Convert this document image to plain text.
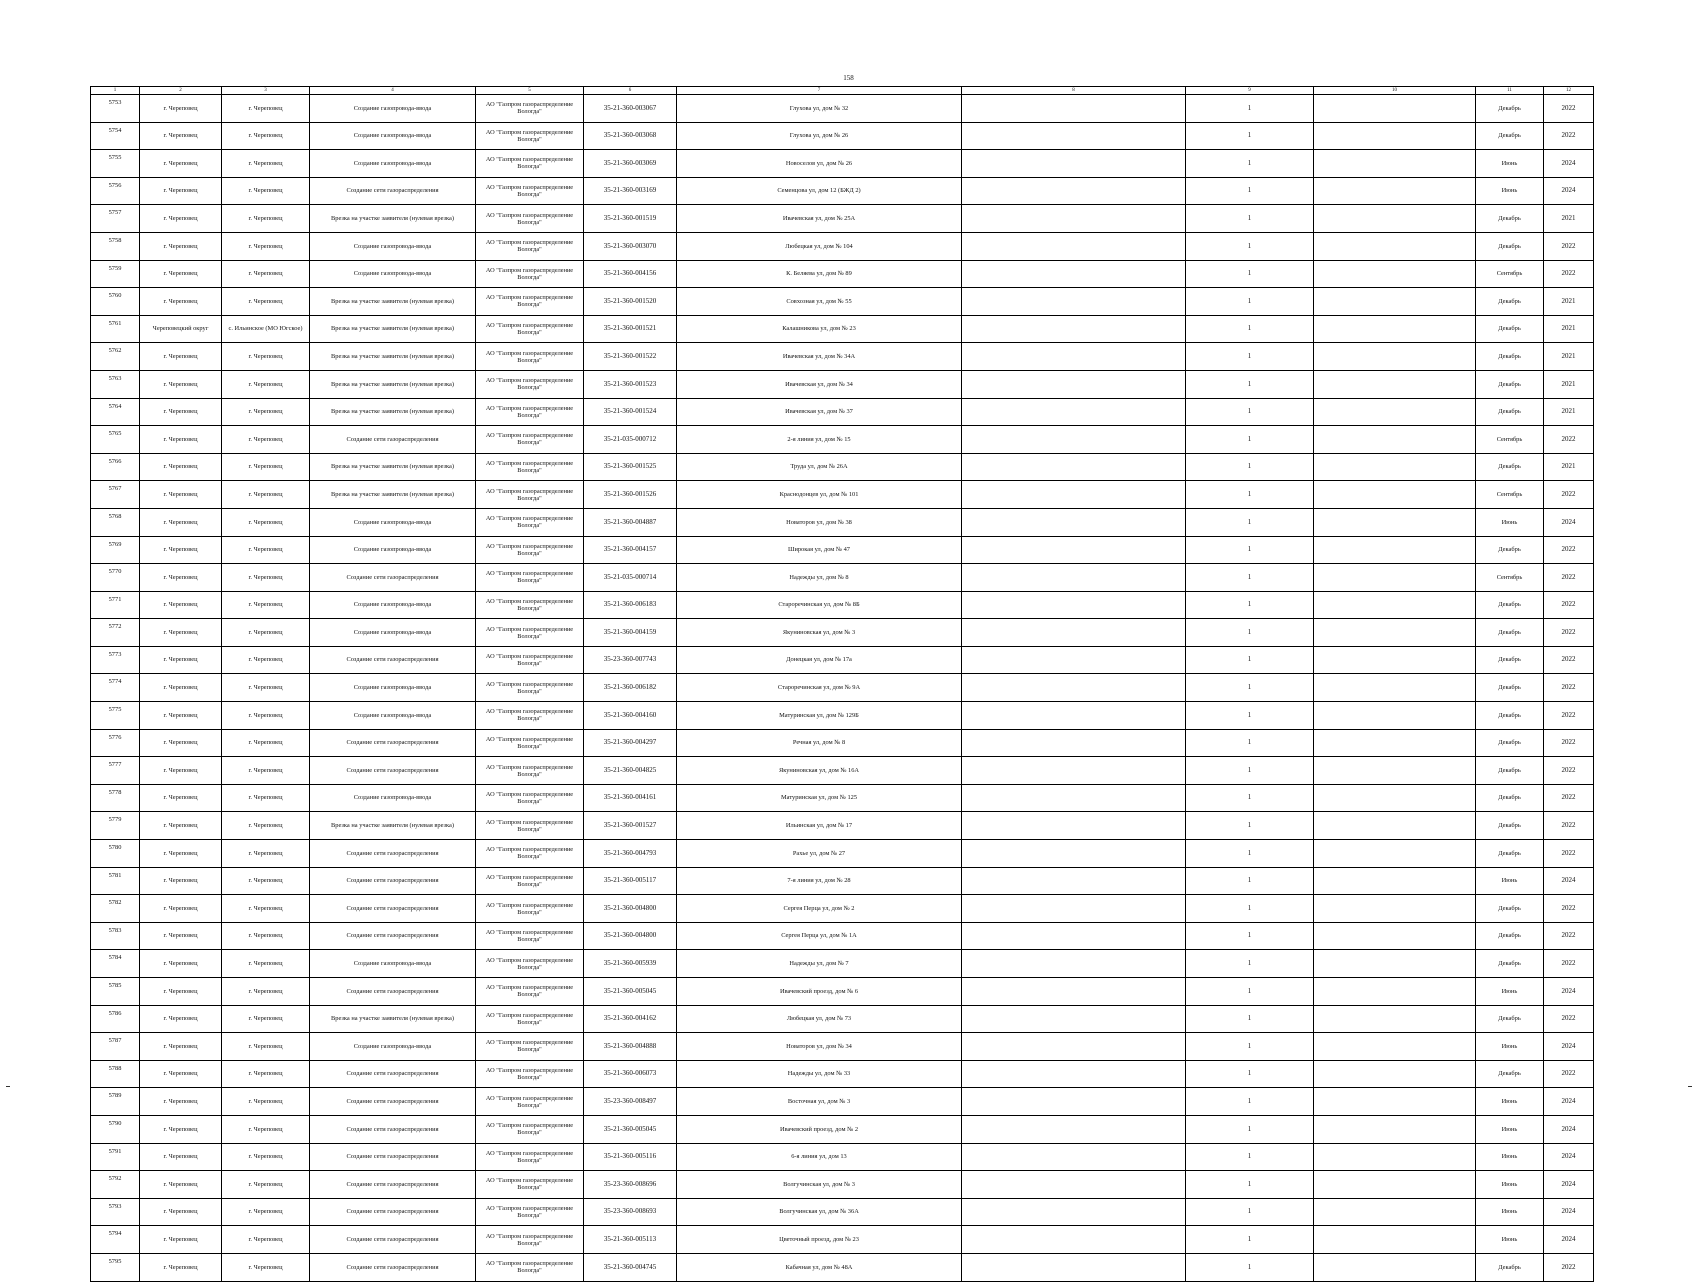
158
1	2	3	4	5	6	7	8	9	10	11	12
5753	г. Череповец	г. Череповец	Создание газопровода-ввода	АО "Газпром газораспределение Вологда"	35-21-360-003067	Глухова ул, дом № 32		1		Декабрь	2022
5754	г. Череповец	г. Череповец	Создание газопровода-ввода	АО "Газпром газораспределение Вологда"	35-21-360-003068	Глухова ул, дом № 26		1		Декабрь	2022
5755	г. Череповец	г. Череповец	Создание газопровода-ввода	АО "Газпром газораспределение Вологда"	35-21-360-003069	Новоселов ул, дом № 26		1		Июнь	2024
5756	г. Череповец	г. Череповец	Создание сети газораспределения	АО "Газпром газораспределение Вологда"	35-21-360-003169	Семенцова ул, дом 12 (БЖД 2)		1		Июнь	2024
5757	г. Череповец	г. Череповец	Врезка на участке заявителя (нулевая врезка)	АО "Газпром газораспределение Вологда"	35-21-360-001519	Ивачевская ул, дом № 25А		1		Декабрь	2021
5758	г. Череповец	г. Череповец	Создание газопровода-ввода	АО "Газпром газораспределение Вологда"	35-21-360-003070	Любецкая ул, дом № 104		1		Декабрь	2022
5759	г. Череповец	г. Череповец	Создание газопровода-ввода	АО "Газпром газораспределение Вологда"	35-21-360-004156	К. Беляева ул, дом № 89		1		Сентябрь	2022
5760	г. Череповец	г. Череповец	Врезка на участке заявителя (нулевая врезка)	АО "Газпром газораспределение Вологда"	35-21-360-001520	Совхозная ул, дом № 55		1		Декабрь	2021
5761	Череповецкий округ	с. Ильинское (МО Югское)	Врезка на участке заявителя (нулевая врезка)	АО "Газпром газораспределение Вологда"	35-21-360-001521	Калашникова ул, дом № 23		1		Декабрь	2021
5762	г. Череповец	г. Череповец	Врезка на участке заявителя (нулевая врезка)	АО "Газпром газораспределение Вологда"	35-21-360-001522	Ивачевская ул, дом № 34А		1		Декабрь	2021
5763	г. Череповец	г. Череповец	Врезка на участке заявителя (нулевая врезка)	АО "Газпром газораспределение Вологда"	35-21-360-001523	Ивачевская ул, дом № 34		1		Декабрь	2021
5764	г. Череповец	г. Череповец	Врезка на участке заявителя (нулевая врезка)	АО "Газпром газораспределение Вологда"	35-21-360-001524	Ивачевская ул, дом № 37		1		Декабрь	2021
5765	г. Череповец	г. Череповец	Создание сети газораспределения	АО "Газпром газораспределение Вологда"	35-21-035-000712	2-я линия ул, дом № 15		1		Сентябрь	2022
5766	г. Череповец	г. Череповец	Врезка на участке заявителя (нулевая врезка)	АО "Газпром газораспределение Вологда"	35-21-360-001525	Труда ул, дом № 26А		1		Декабрь	2021
5767	г. Череповец	г. Череповец	Врезка на участке заявителя (нулевая врезка)	АО "Газпром газораспределение Вологда"	35-21-360-001526	Краснодонцев ул, дом № 101		1		Сентябрь	2022
5768	г. Череповец	г. Череповец	Создание газопровода-ввода	АО "Газпром газораспределение Вологда"	35-21-360-004887	Новаторов ул, дом № 38		1		Июнь	2024
5769	г. Череповец	г. Череповец	Создание газопровода-ввода	АО "Газпром газораспределение Вологда"	35-21-360-004157	Широкая ул, дом № 47		1		Декабрь	2022
5770	г. Череповец	г. Череповец	Создание сети газораспределения	АО "Газпром газораспределение Вологда"	35-21-035-000714	Надежды ул, дом № 8		1		Сентябрь	2022
5771	г. Череповец	г. Череповец	Создание газопровода-ввода	АО "Газпром газораспределение Вологда"	35-21-360-006183	Староречинская ул, дом № 8Б		1		Декабрь	2022
5772	г. Череповец	г. Череповец	Создание газопровода-ввода	АО "Газпром газораспределение Вологда"	35-21-360-004159	Якуниновская ул, дом № 3		1		Декабрь	2022
5773	г. Череповец	г. Череповец	Создание сети газораспределения	АО "Газпром газораспределение Вологда"	35-23-360-007743	Донецкая ул, дом № 17а		1		Декабрь	2022
5774	г. Череповец	г. Череповец	Создание газопровода-ввода	АО "Газпром газораспределение Вологда"	35-21-360-006182	Староречинская ул, дом № 9А		1		Декабрь	2022
5775	г. Череповец	г. Череповец	Создание газопровода-ввода	АО "Газпром газораспределение Вологда"	35-21-360-004160	Матуринская ул, дом № 129Б		1		Декабрь	2022
5776	г. Череповец	г. Череповец	Создание сети газораспределения	АО "Газпром газораспределение Вологда"	35-21-360-004297	Речная ул, дом № 8		1		Декабрь	2022
5777	г. Череповец	г. Череповец	Создание сети газораспределения	АО "Газпром газораспределение Вологда"	35-21-360-004825	Якуниновская ул, дом № 16А		1		Декабрь	2022
5778	г. Череповец	г. Череповец	Создание газопровода-ввода	АО "Газпром газораспределение Вологда"	35-21-360-004161	Матуринская ул, дом № 125		1		Декабрь	2022
5779	г. Череповец	г. Череповец	Врезка на участке заявителя (нулевая врезка)	АО "Газпром газораспределение Вологда"	35-21-360-001527	Ильинская ул, дом № 17		1		Декабрь	2022
5780	г. Череповец	г. Череповец	Создание сети газораспределения	АО "Газпром газораспределение Вологда"	35-21-360-004793	Рахье ул, дом № 27		1		Декабрь	2022
5781	г. Череповец	г. Череповец	Создание сети газораспределения	АО "Газпром газораспределение Вологда"	35-21-360-005117	7-я линия ул, дом № 28		1		Июнь	2024
5782	г. Череповец	г. Череповец	Создание сети газораспределения	АО "Газпром газораспределение Вологда"	35-21-360-004800	Сергея Перца ул, дом № 2		1		Декабрь	2022
5783	г. Череповец	г. Череповец	Создание сети газораспределения	АО "Газпром газораспределение Вологда"	35-21-360-004800	Сергея Перца ул, дом № 1А		1		Декабрь	2022
5784	г. Череповец	г. Череповец	Создание газопровода-ввода	АО "Газпром газораспределение Вологда"	35-21-360-005939	Надежды ул, дом № 7		1		Декабрь	2022
5785	г. Череповец	г. Череповец	Создание сети газораспределения	АО "Газпром газораспределение Вологда"	35-21-360-005045	Ивачевский проезд, дом № 6		1		Июнь	2024
5786	г. Череповец	г. Череповец	Врезка на участке заявителя (нулевая врезка)	АО "Газпром газораспределение Вологда"	35-21-360-004162	Любецкая ул, дом № 73		1		Декабрь	2022
5787	г. Череповец	г. Череповец	Создание газопровода-ввода	АО "Газпром газораспределение Вологда"	35-21-360-004888	Новаторов ул, дом № 34		1		Июнь	2024
5788	г. Череповец	г. Череповец	Создание сети газораспределения	АО "Газпром газораспределение Вологда"	35-21-360-006073	Надежды ул, дом № 33		1		Декабрь	2022
5789	г. Череповец	г. Череповец	Создание сети газораспределения	АО "Газпром газораспределение Вологда"	35-23-360-008497	Восточная ул, дом № 3		1		Июнь	2024
5790	г. Череповец	г. Череповец	Создание сети газораспределения	АО "Газпром газораспределение Вологда"	35-21-360-005045	Ивачевский проезд, дом № 2		1		Июнь	2024
5791	г. Череповец	г. Череповец	Создание сети газораспределения	АО "Газпром газораспределение Вологда"	35-21-360-005116	6-я линия ул, дом 13		1		Июнь	2024
5792	г. Череповец	г. Череповец	Создание сети газораспределения	АО "Газпром газораспределение Вологда"	35-23-360-008696	Волгучинская ул, дом № 3		1		Июнь	2024
5793	г. Череповец	г. Череповец	Создание сети газораспределения	АО "Газпром газораспределение Вологда"	35-23-360-008693	Волгучинская ул, дом № 36А		1		Июнь	2024
5794	г. Череповец	г. Череповец	Создание сети газораспределения	АО "Газпром газораспределение Вологда"	35-21-360-005113	Цветочный проезд, дом № 23		1		Июнь	2024
5795	г. Череповец	г. Череповец	Создание сети газораспределения	АО "Газпром газораспределение Вологда"	35-21-360-004745	Кабачная ул, дом № 48А		1		Декабрь	2022
